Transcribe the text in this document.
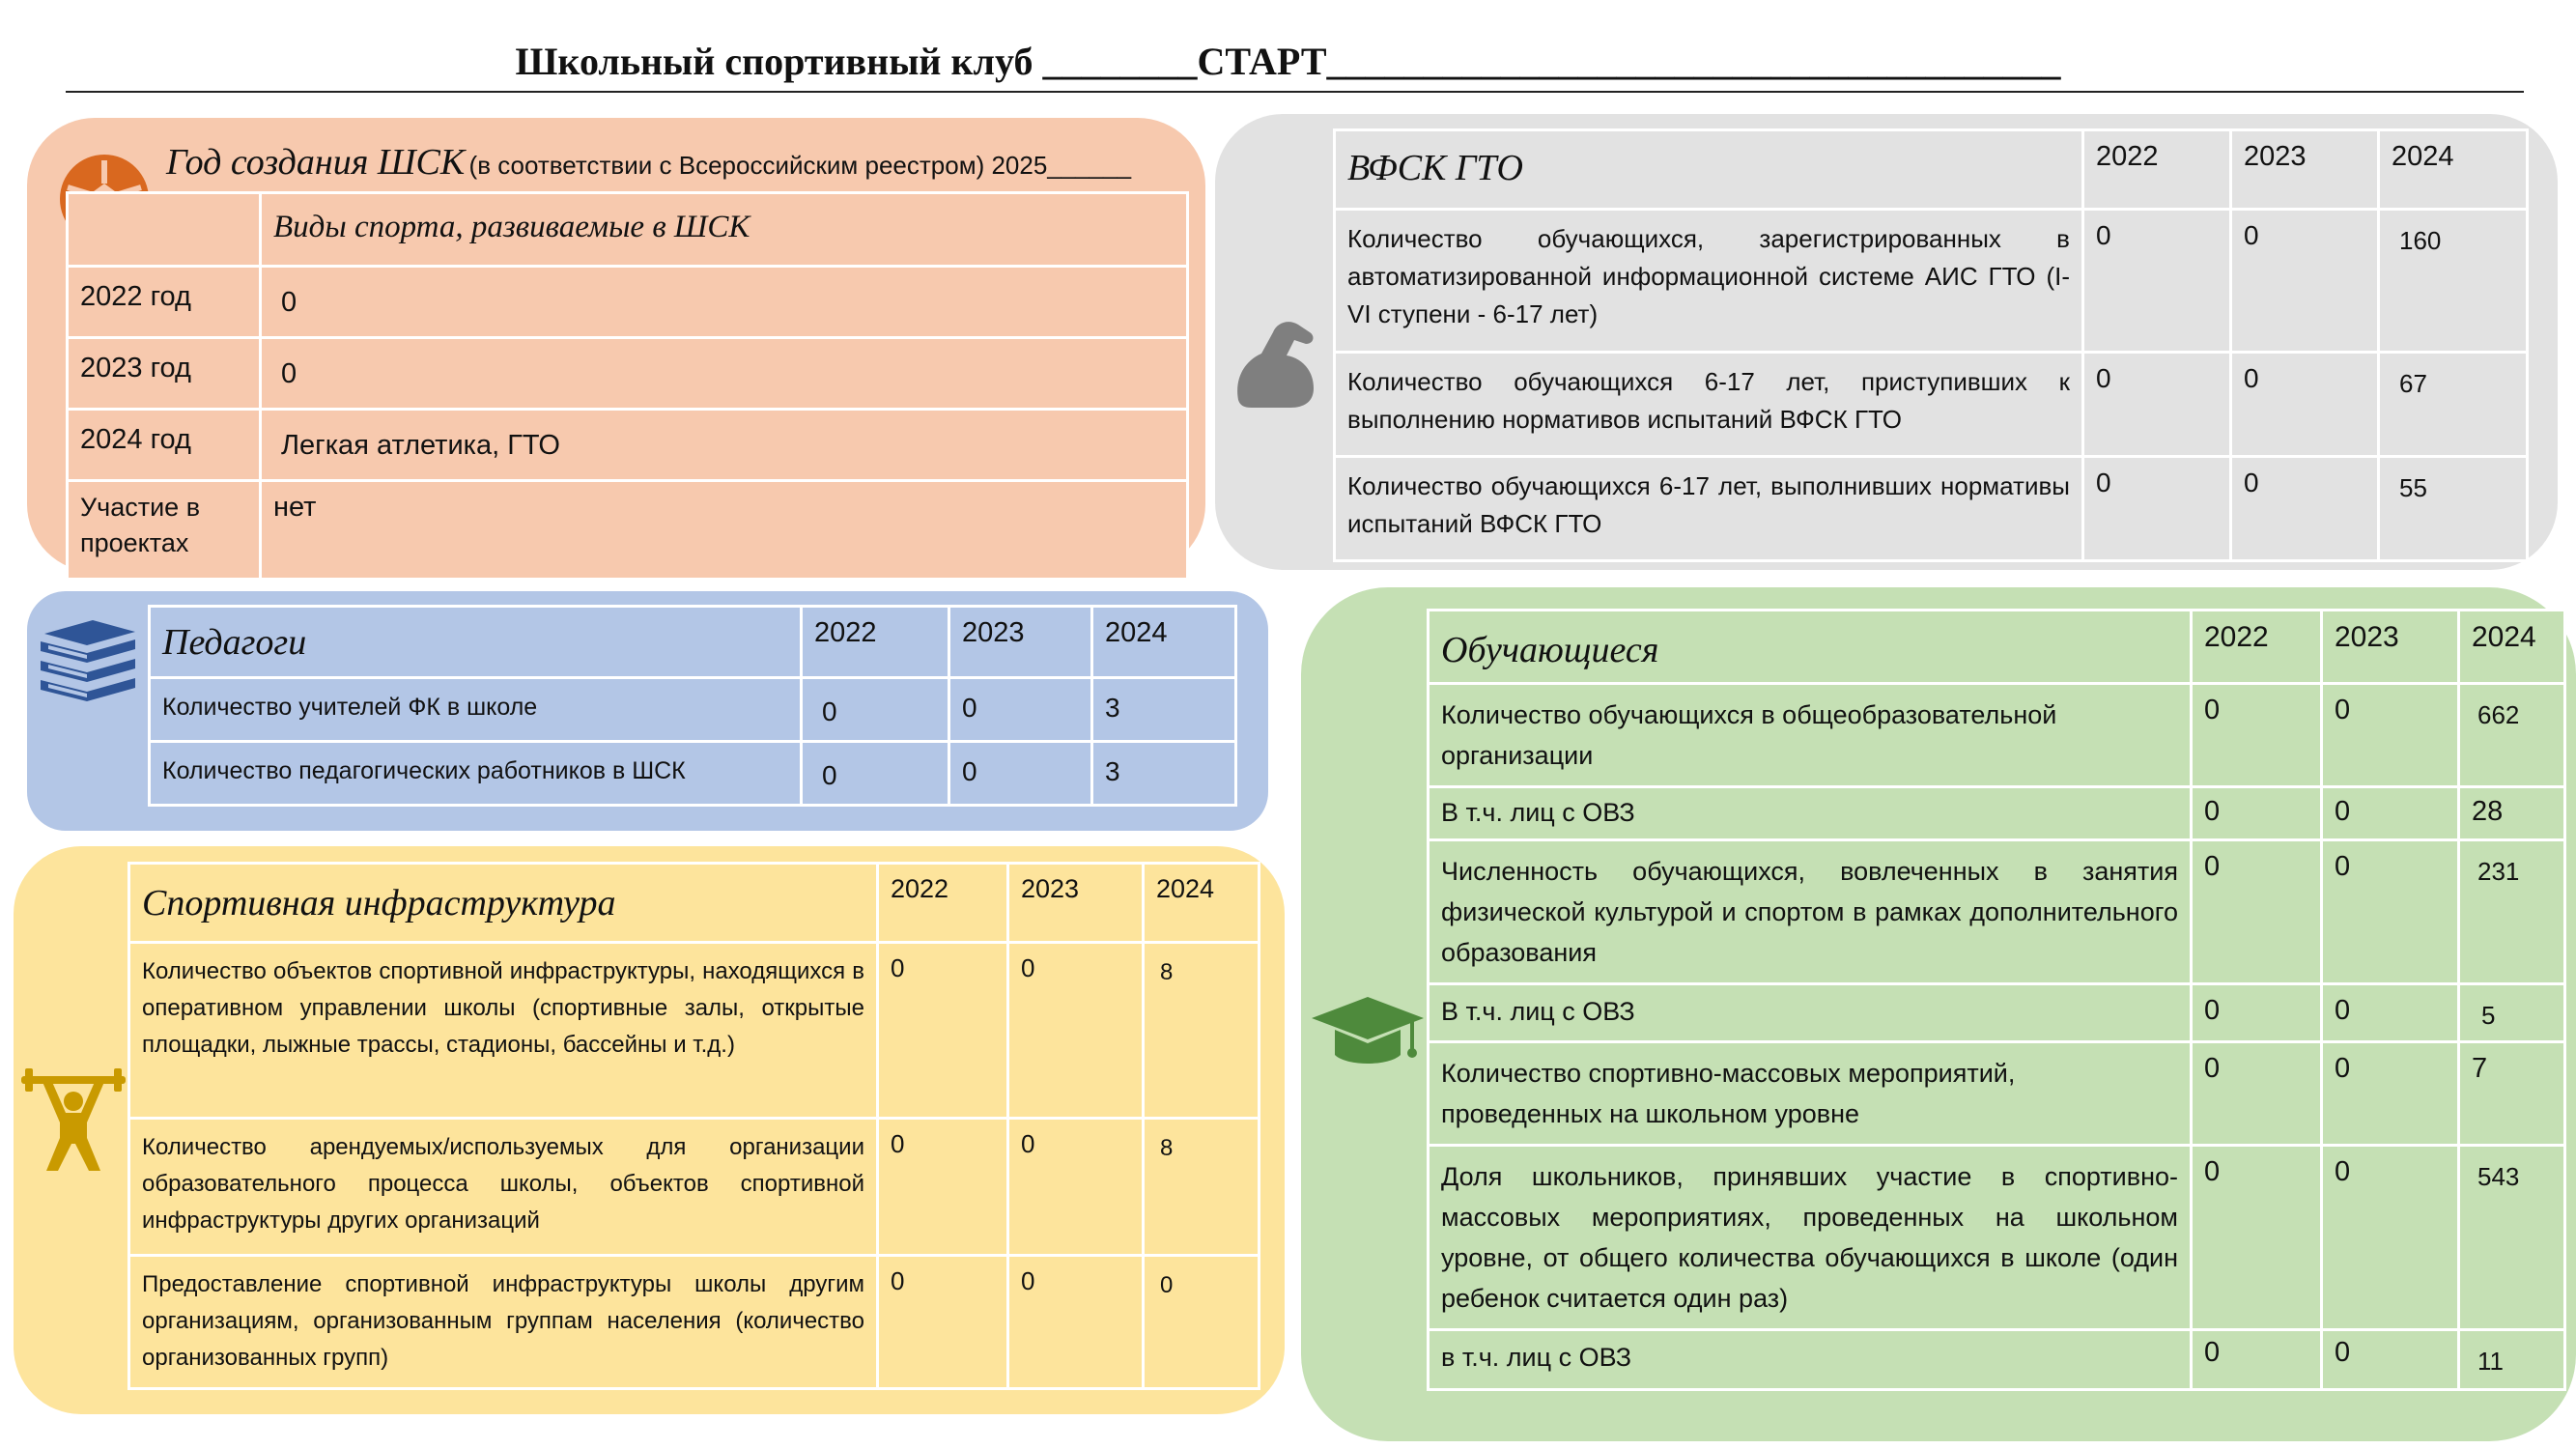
Школьный спортивный клуб ________СТАРТ______________________________________
Год создания ШСК (в соответствии с Всероссийским реестром) 2025______
	Виды спорта, развиваемые в ШСК
2022 год	0
2023 год	0
2024 год	Легкая атлетика, ГТО
Участие в проектах	нет
ВФСК ГТО	2022	2023	2024
Количество обучающихся, зарегистрированных в автоматизированной информационной системе АИС ГТО (I-VI ступени - 6-17 лет)	0	0	160
Количество обучающихся 6-17 лет, приступивших к выполнению нормативов испытаний ВФСК ГТО	0	0	67
Количество обучающихся 6-17 лет, выполнивших нормативы испытаний ВФСК ГТО	0	0	55
Педагоги	2022	2023	2024
Количество учителей ФК в школе	0	0	3
Количество педагогических работников в ШСК	0	0	3
Спортивная инфраструктура	2022	2023	2024
Количество объектов спортивной инфраструктуры, находящихся в оперативном управлении школы (спортивные залы, открытые площадки, лыжные трассы, стадионы, бассейны и т.д.)	0	0	8
Количество арендуемых/используемых для организации образовательного процесса школы, объектов спортивной инфраструктуры других организаций	0	0	8
Предоставление спортивной инфраструктуры школы другим организациям, организованным группам населения (количество организованных групп)	0	0	0
Обучающиеся	2022	2023	2024
Количество обучающихся в общеобразовательной организации	0	0	662
В т.ч. лиц с ОВЗ	0	0	28
Численность обучающихся, вовлеченных в занятия физической культурой и спортом в рамках дополнительного образования	0	0	231
В т.ч. лиц с ОВЗ	0	0	5
Количество спортивно-массовых мероприятий, проведенных на школьном уровне	0	0	7
Доля школьников, принявших участие в спортивно-массовых мероприятиях, проведенных на школьном уровне, от общего количества обучающихся в школе (один ребенок считается один раз)	0	0	543
в т.ч. лиц с ОВЗ	0	0	11
